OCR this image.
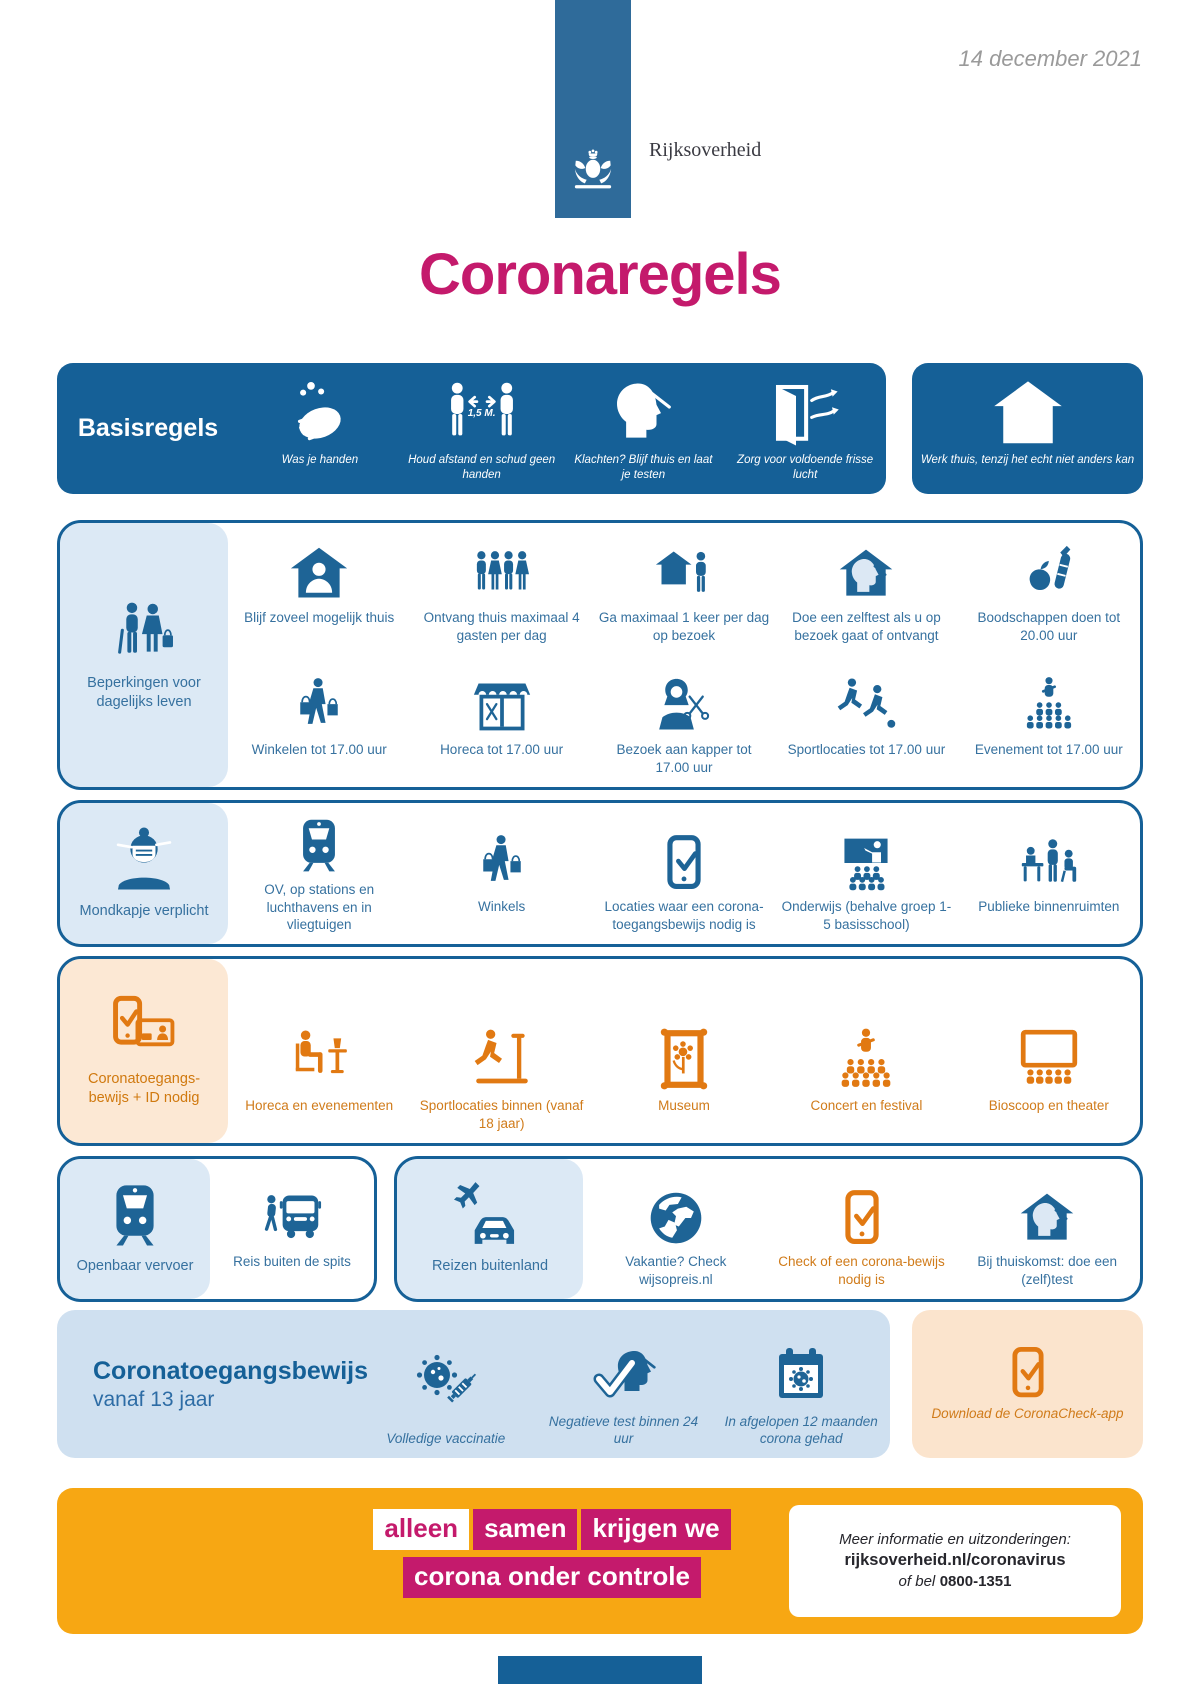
14 december 2021
Rijksoverheid
Coronaregels
Basisregels
Was je handen
1,5 M.
Houd afstand en schud geen handen
Klachten? Blijf thuis en laat je testen
Zorg voor voldoende frisse lucht
Werk thuis, tenzij het echt niet anders kan
Beperkingen voor dagelijks leven
Blijf zoveel mogelijk thuis	Ontvang thuis maximaal 4 gasten per dag
Ga maximaal 1 keer per dag op bezoek
Doe een zelftest als u op bezoek gaat of ontvangt
Boodschappen doen tot 20.00 uur
Winkelen tot 17.00 uur	Horeca tot 17.00 uur	Bezoek aan kapper tot 17.00 uur
Sportlocaties tot 17.00 uur Evenement tot 17.00 uur
Mondkapje verplicht
OV, op stations en luchthavens en in vliegtuigen
Winkels	Locaties waar een corona-toegangsbewijs nodig is
Onderwijs (behalve groep 1-5 basisschool)
Publieke binnenruimten
Coronatoegangs-
bewijs + ID nodig	Horeca en evenementen Sportlocaties binnen (vanaf 18 jaar)
Museum	Concert en festival	Bioscoop en theater
Openbaar vervoer	Reis buiten de spits	Reizen buitenland	Vakantie? Check wijsopreis.nl
Check of een corona-bewijs nodig is
Bij thuiskomst: doe een (zelf)test
Coronatoegangsbewijs
vanaf 13 jaar
Volledige vaccinatie
Negatieve test binnen 24 uur
In afgelopen 12 maanden corona gehad
Download de CoronaCheck-app
alleen samen krijgen we
corona onder controle
Meer informatie en uitzonderingen:
rijksoverheid.nl/coronavirus
of bel 0800-1351
